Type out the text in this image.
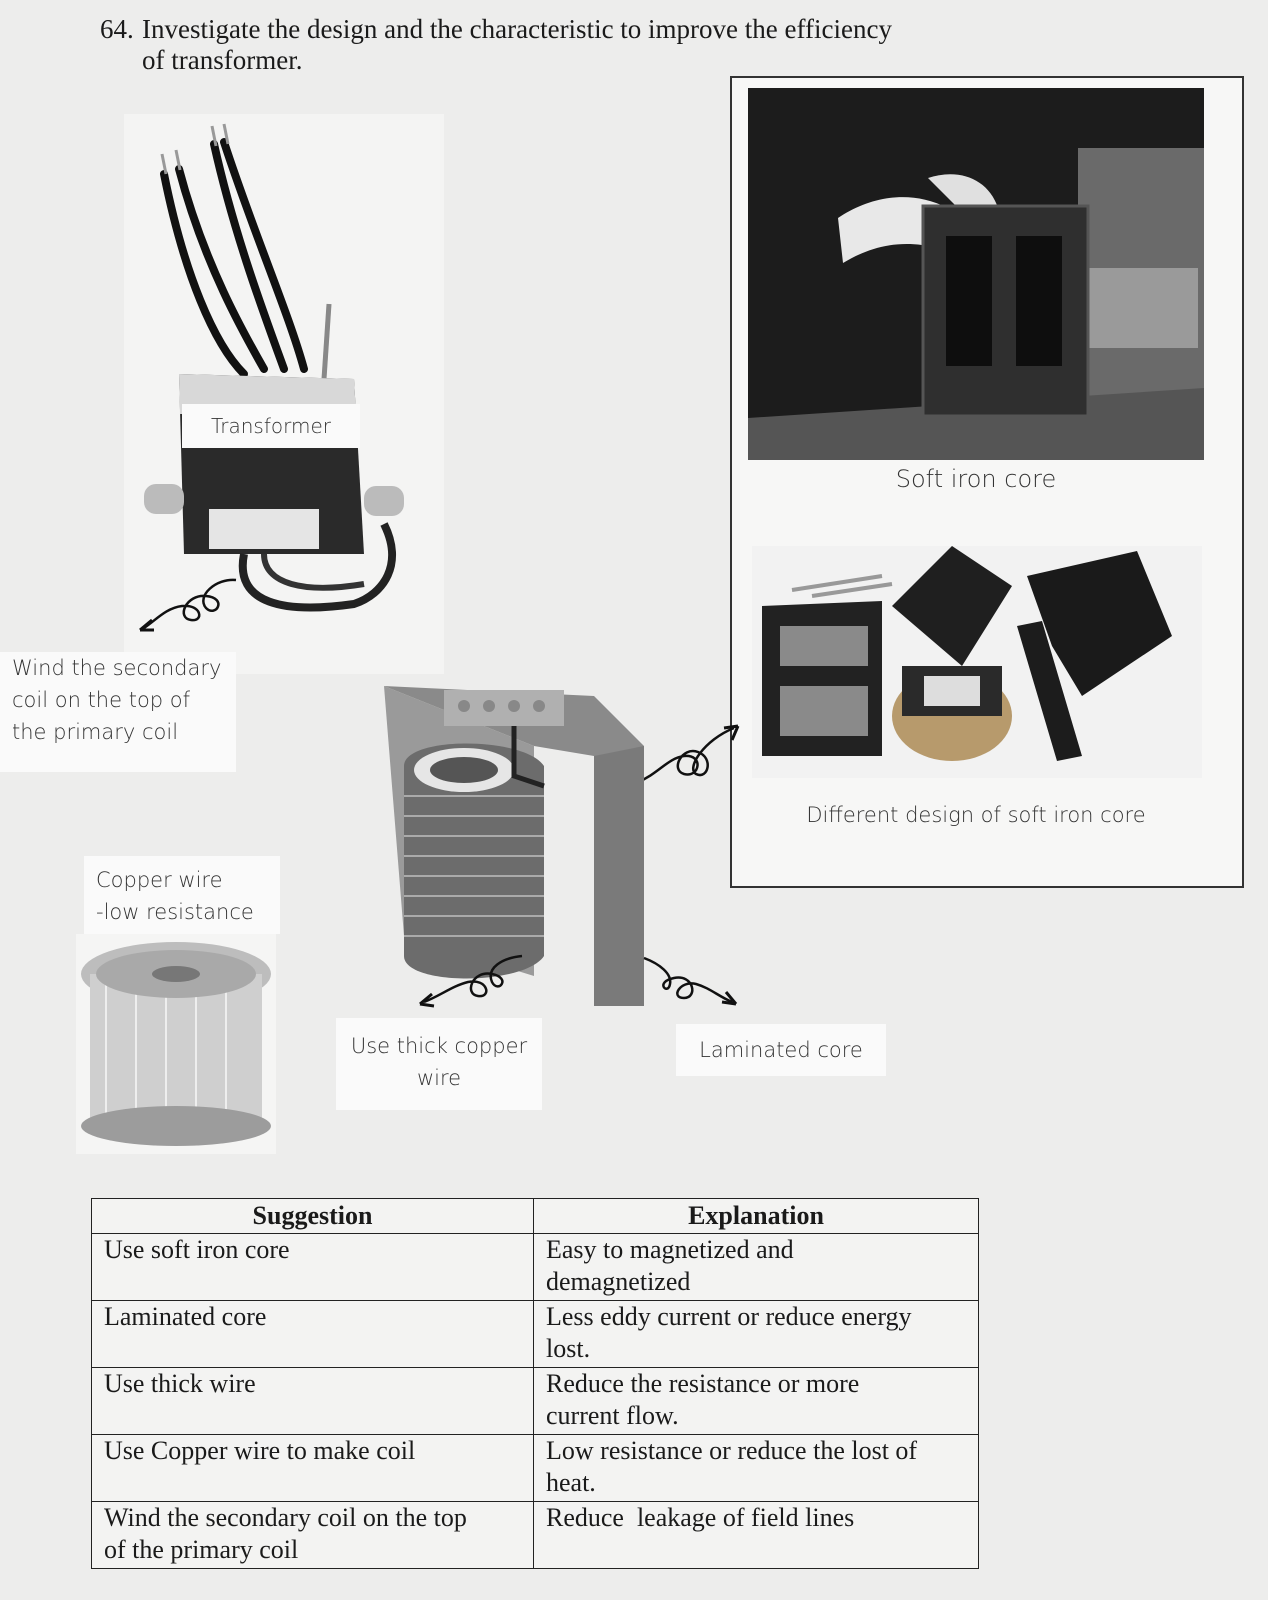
64. Investigate the design and the characteristic to improve the efficiency
of transformer.
Transformer
Wind the secondary
coil on the top of
the primary coil
Soft iron core
Different design of soft iron core
Use thick copper
wire
Laminated core
Copper wire
-low resistance
Suggestion	Explanation

Use soft iron core	Easy to magnetized and
demagnetized

Laminated core	Less eddy current or reduce energy
lost.

Use thick wire	Reduce the resistance or more
current flow.

Use Copper wire to make coil	Low resistance or reduce the lost of
heat.

Wind the secondary coil on the top
of the primary coil	Reduce  leakage of field lines
